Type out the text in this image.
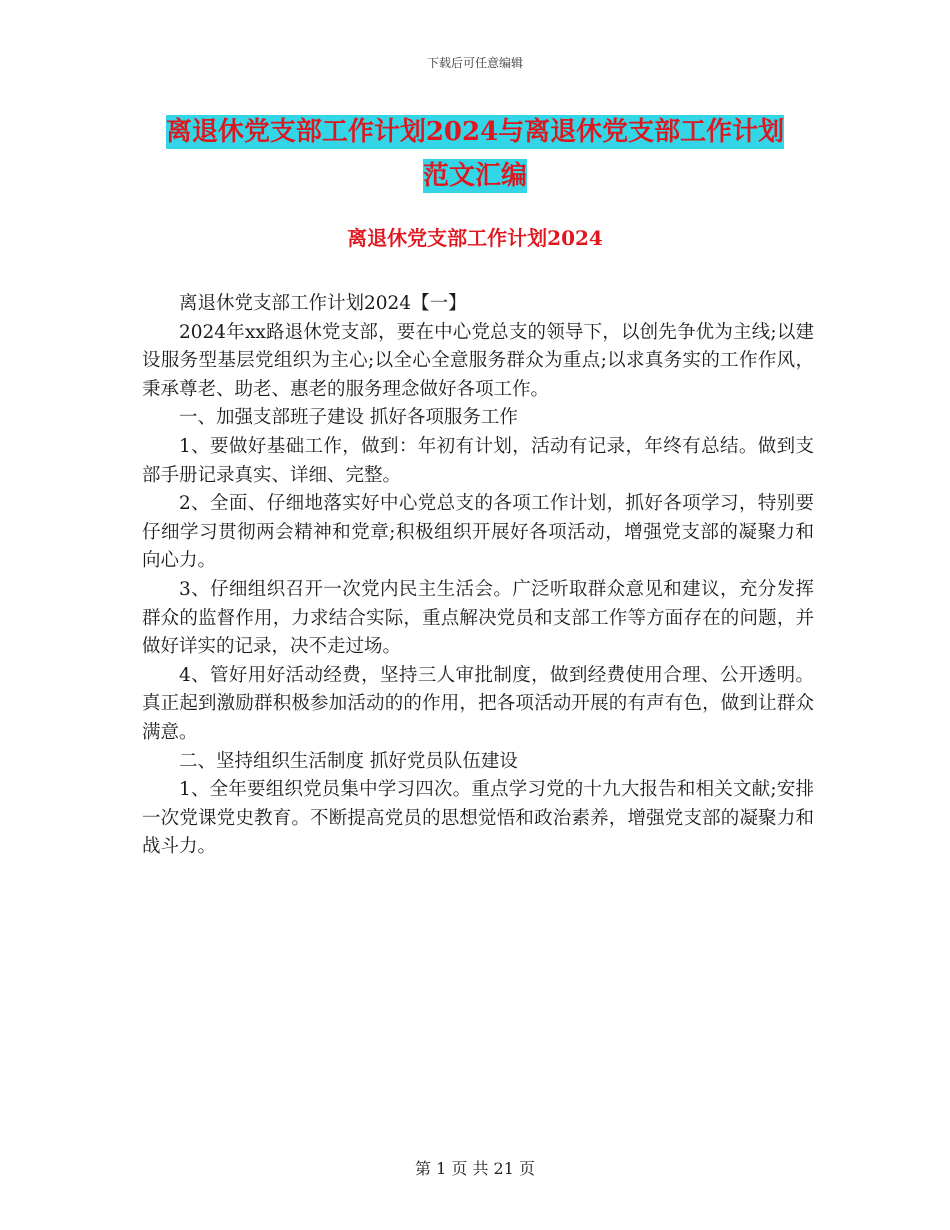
下载后可任意编辑
离退休党支部工作计划2024与离退休党支部工作计划
范文汇编
离退休党支部工作计划2024

离退休党支部工作计划2024【一】

2024年xx路退休党支部，要在中心党总支的领导下，以创先争优为主线;以建设服务型基层党组织为主心;以全心全意服务群众为重点;以求真务实的工作作风，秉承尊老、助老、惠老的服务理念做好各项工作。

一、加强支部班子建设 抓好各项服务工作

1、要做好基础工作，做到：年初有计划，活动有记录，年终有总结。做到支部手册记录真实、详细、完整。

2、全面、仔细地落实好中心党总支的各项工作计划，抓好各项学习，特别要仔细学习贯彻两会精神和党章;积极组织开展好各项活动，增强党支部的凝聚力和向心力。

3、仔细组织召开一次党内民主生活会。广泛听取群众意见和建议，充分发挥群众的监督作用，力求结合实际，重点解决党员和支部工作等方面存在的问题，并做好详实的记录，决不走过场。

4、管好用好活动经费，坚持三人审批制度，做到经费使用合理、公开透明。真正起到激励群积极参加活动的的作用，把各项活动开展的有声有色，做到让群众满意。

二、坚持组织生活制度 抓好党员队伍建设

1、全年要组织党员集中学习四次。重点学习党的十九大报告和相关文献;安排一次党课党史教育。不断提高党员的思想觉悟和政治素养，增强党支部的凝聚力和战斗力。

第 1 页 共 21 页
